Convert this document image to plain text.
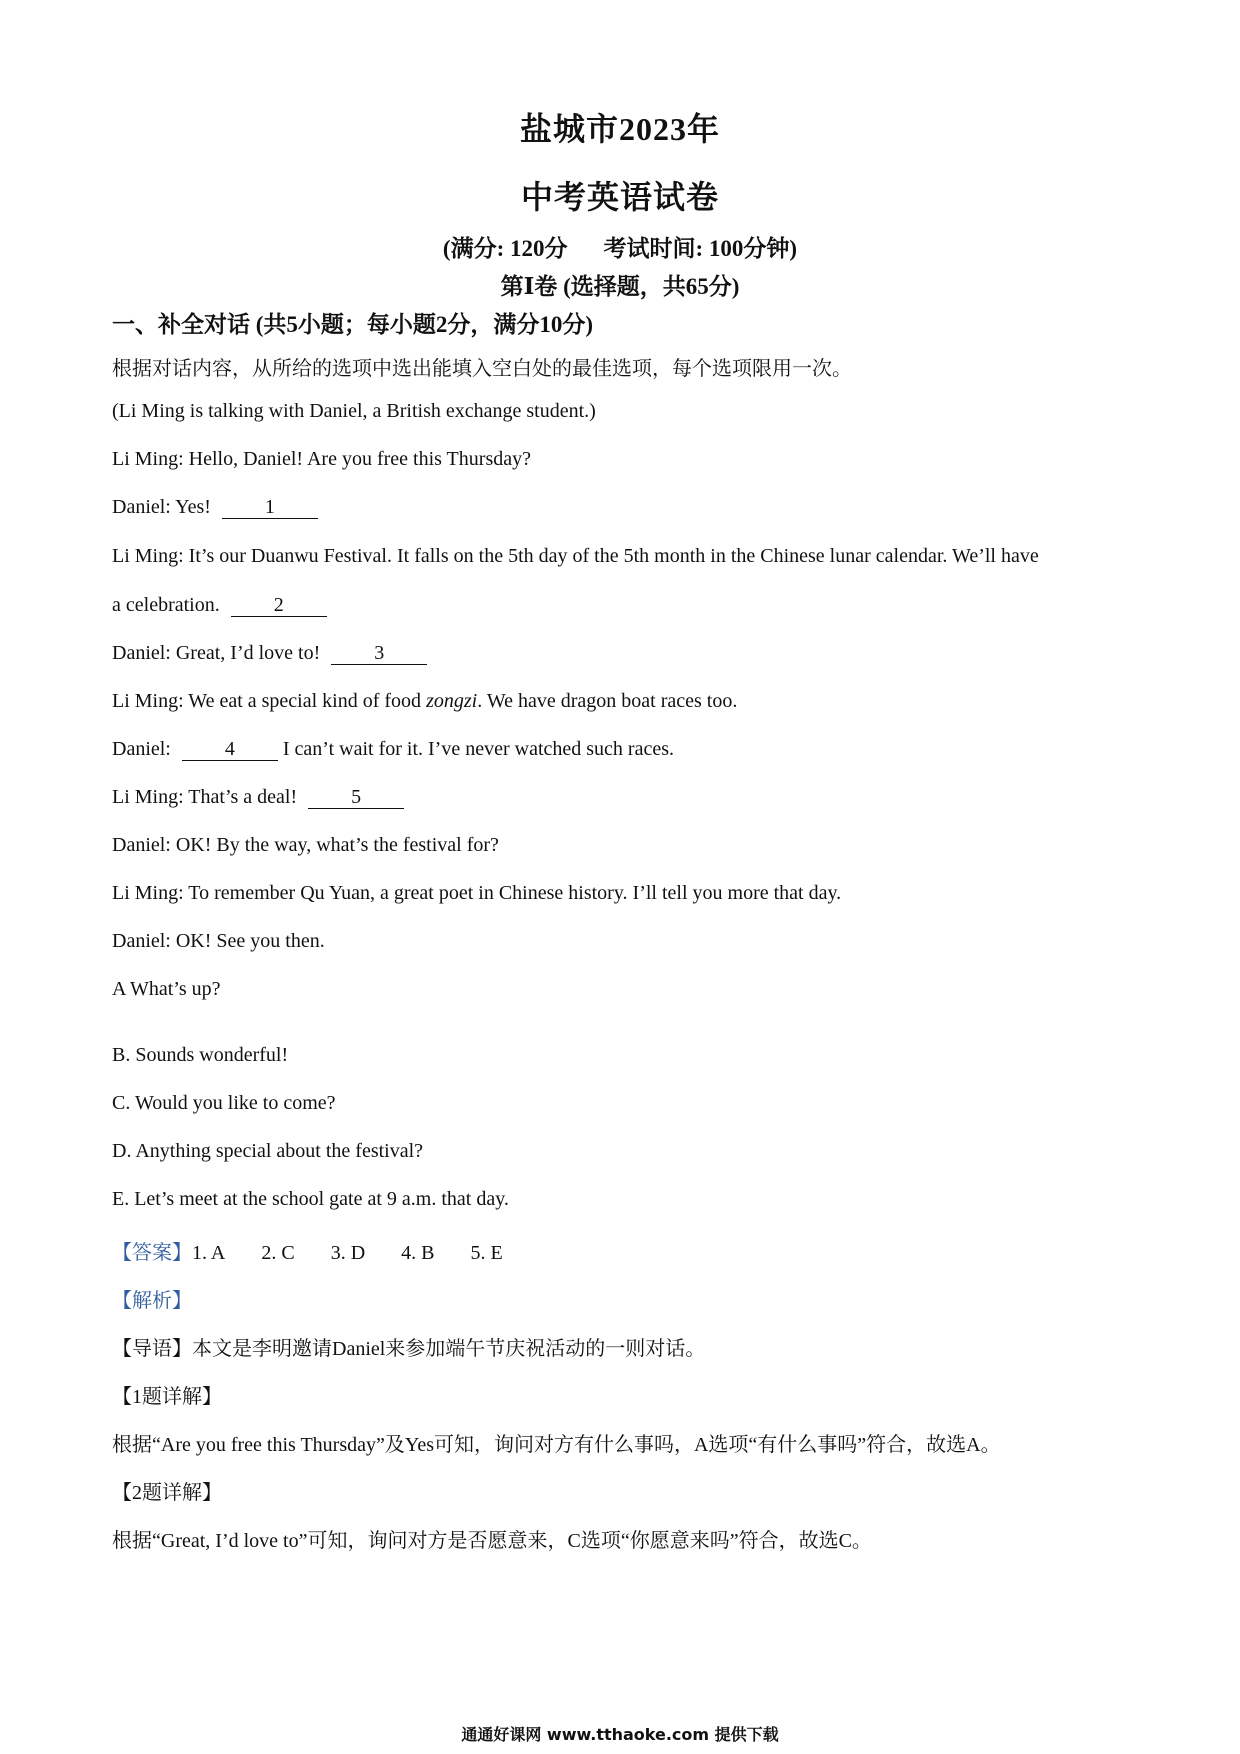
盐城市2023年
中考英语试卷
(满分: 120分 考试时间: 100分钟)
第Ⅰ卷 (选择题，共65分)
一、补全对话 (共5小题；每小题2分，满分10分)
根据对话内容，从所给的选项中选出能填入空白处的最佳选项，每个选项限用一次。
(Li Ming is talking with Daniel, a British exchange student.)
Li Ming: Hello, Daniel! Are you free this Thursday?
Daniel: Yes!	1
Li Ming: It’s our Duanwu Festival. It falls on the 5th day of the 5th month in the Chinese lunar calendar. We’ll have
a celebration.	2
Daniel: Great, I’d love to!	3
Li Ming: We eat a special kind of food zongzi. We have dragon boat races too.
Daniel:	4 I can’t wait for it. I’ve never watched such races.
Li Ming: That’s a deal!	5
Daniel: OK! By the way, what’s the festival for?
Li Ming: To remember Qu Yuan, a great poet in Chinese history. I’ll tell you more that day.
Daniel: OK! See you then.
A What’s up?
B. Sounds wonderful!
C. Would you like to come?
D. Anything special about the festival?
E. Let’s meet at the school gate at 9 a.m. that day.
【答案】1. A 2. C 3. D 4. B 5. E
【解析】
【导语】本文是李明邀请Daniel来参加端午节庆祝活动的一则对话。
【1题详解】
根据“Are you free this Thursday”及Yes可知，询问对方有什么事吗，A选项“有什么事吗”符合，故选A。
【2题详解】
根据“Great, I’d love to”可知，询问对方是否愿意来，C选项“你愿意来吗”符合，故选C。
通通好课网 www.tthaoke.com 提供下载
